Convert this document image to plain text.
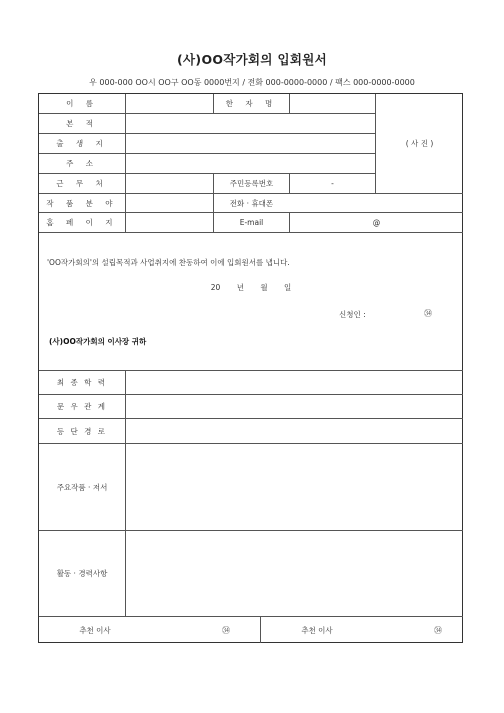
(사)OO작가회의 입회원서
우 000-000 OO시 OO구 OO동 0000번지 / 전화 000-0000-0000 / 팩스 000-0000-0000
이 름	한 자 명
본 적
출 생 지
주 소
근 무 처	주민등록번호	-
( 사 진 )
작 품 분 야	전화 · 휴대폰
홈 페 이 지	E-mail	@
'OO작가회의'의 설립목적과 사업취지에 찬동하여 이에 입회원서를 냅니다.
20 년 월 일
신청인 :	㉞
(사)OO작가회의 이사장 귀하
최 종 학 력
문 우 관 계
등 단 경 로
주요작품 · 저서
활동 · 경력사항
추천 이사	㉞	추천 이사	㉞
